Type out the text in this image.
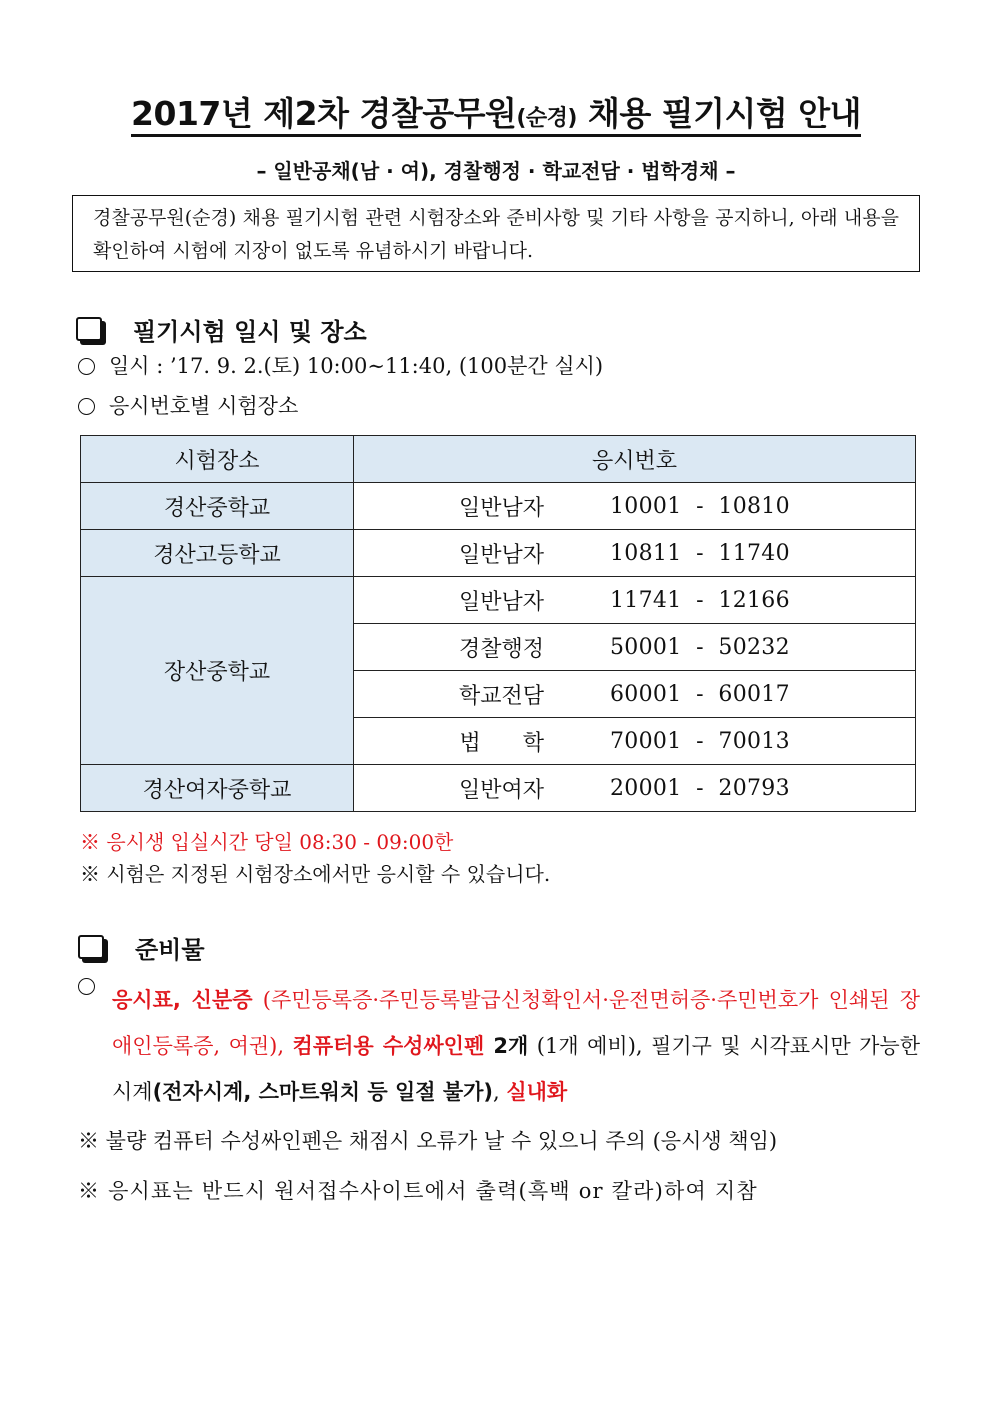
2017년 제2차 경찰공무원(순경) 채용 필기시험 안내
– 일반공채(남 · 여), 경찰행정 · 학교전담 · 법학경채 –
경찰공무원(순경) 채용 필기시험 관련 시험장소와 준비사항 및 기타 사항을 공지하니, 아래 내용을 확인하여 시험에 지장이 없도록 유념하시기 바랍니다.
필기시험 일시 및 장소
일시 : ’17. 9. 2.(토) 10:00∼11:40, (100분간 실시)
응시번호별 시험장소
시험장소	응시번호
경산중학교	일반남자 10001  -  10810

경산고등학교	일반남자 10811  -  11740

장산중학교	일반남자 11741  -  12166

	경찰행정 50001  -  50232

	학교전담 60001  -  60017

	법      학 70001  -  70013

경산여자중학교	일반여자 20001  -  20793
※ 응시생 입실시간 당일 08:30 - 09:00한
※ 시험은 지정된 시험장소에서만 응시할 수 있습니다.
준비물
응시표, 신분증 (주민등록증·주민등록발급신청확인서·운전면허증·주민번호가 인쇄된 장애인등록증, 여권), 컴퓨터용 수성싸인펜 2개 (1개 예비), 필기구 및 시각표시만 가능한 시계(전자시계, 스마트워치 등 일절 불가), 실내화
※ 불량 컴퓨터 수성싸인펜은 채점시 오류가 날 수 있으니 주의 (응시생 책임)
※ 응시표는 반드시 원서접수사이트에서 출력(흑백 or 칼라)하여 지참
